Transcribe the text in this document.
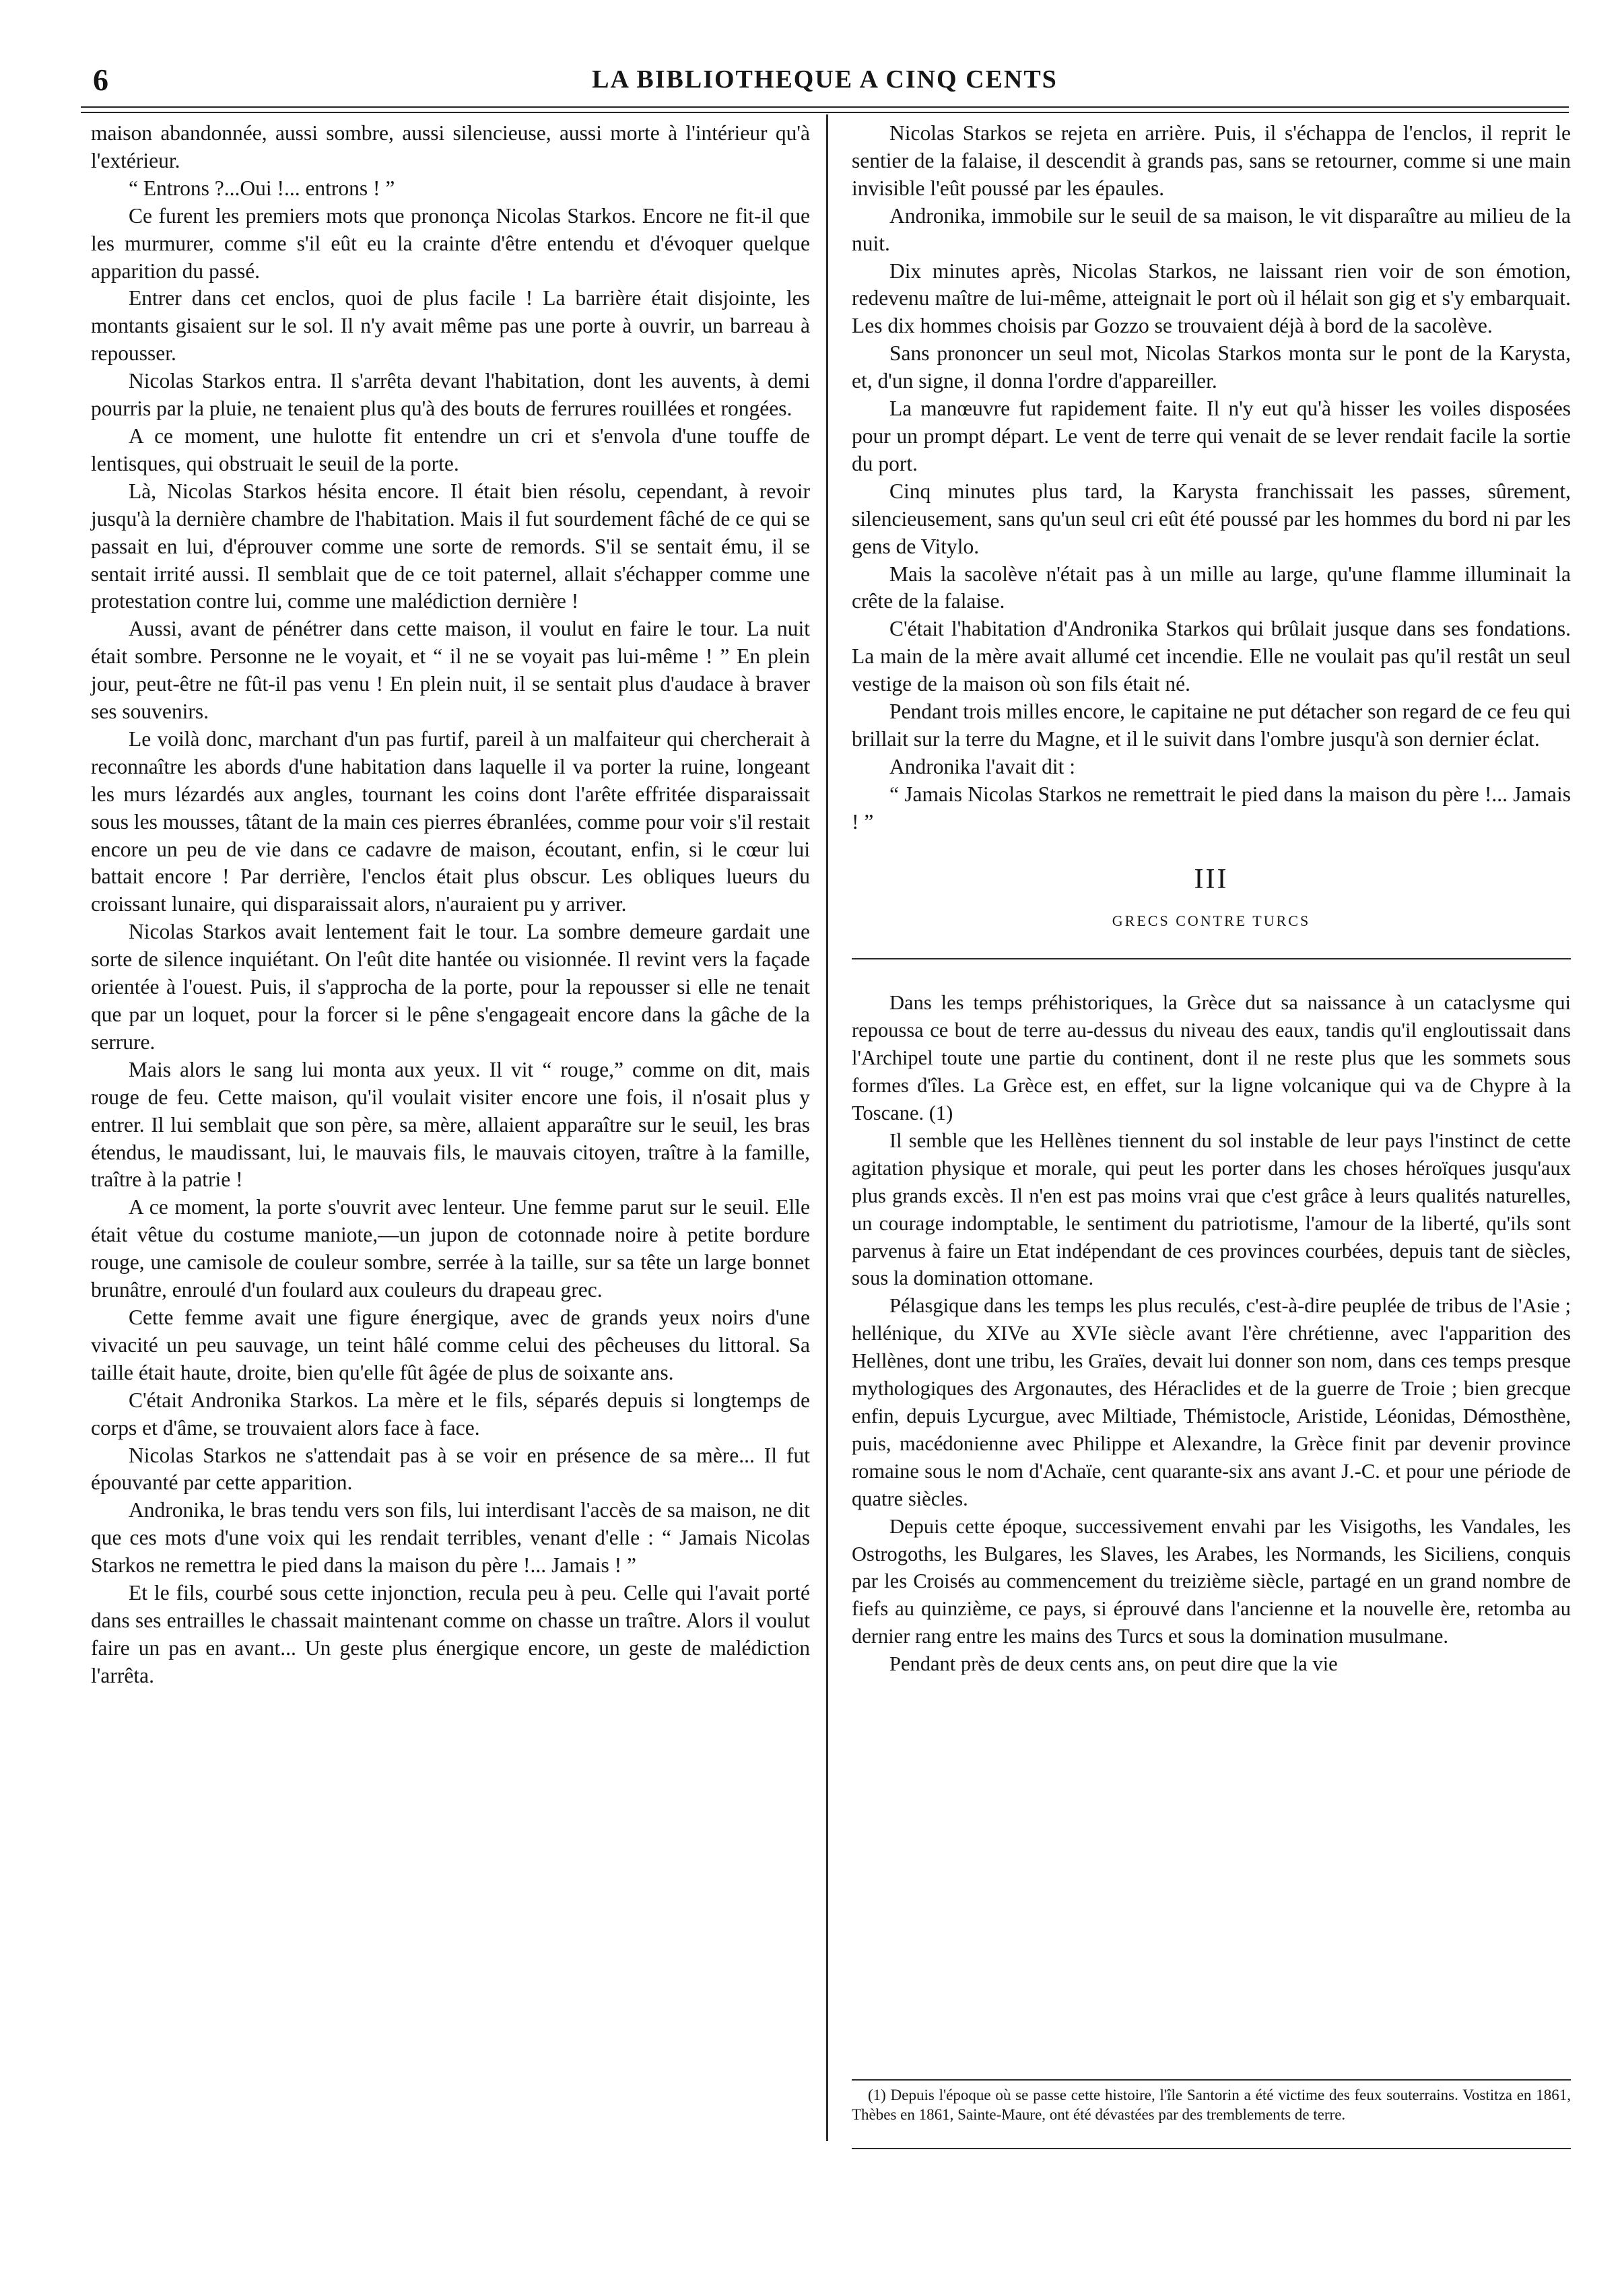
6	LA BIBLIOTHEQUE A CINQ CENTS

maison abandonnée, aussi sombre, aussi silencieuse, aussi morte à l'intérieur qu'à l'extérieur.

“ Entrons ?...Oui !... entrons ! ”

Ce furent les premiers mots que prononça Nicolas Starkos. Encore ne fit-il que les murmurer, comme s'il eût eu la crainte d'être entendu et d'évoquer quelque apparition du passé.

Entrer dans cet enclos, quoi de plus facile ! La barrière était disjointe, les montants gisaient sur le sol. Il n'y avait même pas une porte à ouvrir, un barreau à repousser.

Nicolas Starkos entra. Il s'arrêta devant l'habitation, dont les auvents, à demi pourris par la pluie, ne tenaient plus qu'à des bouts de ferrures rouillées et rongées.

A ce moment, une hulotte fit entendre un cri et s'envola d'une touffe de lentisques, qui obstruait le seuil de la porte.

Là, Nicolas Starkos hésita encore. Il était bien résolu, cependant, à revoir jusqu'à la dernière chambre de l'habitation. Mais il fut sourdement fâché de ce qui se passait en lui, d'éprouver comme une sorte de remords. S'il se sentait ému, il se sentait irrité aussi. Il semblait que de ce toit paternel, allait s'échapper comme une protestation contre lui, comme une malédiction dernière !

Aussi, avant de pénétrer dans cette maison, il voulut en faire le tour. La nuit était sombre. Personne ne le voyait, et “ il ne se voyait pas lui-même ! ” En plein jour, peut-être ne fût-il pas venu ! En plein nuit, il se sentait plus d'audace à braver ses souvenirs.

Le voilà donc, marchant d'un pas furtif, pareil à un malfaiteur qui chercherait à reconnaître les abords d'une habitation dans laquelle il va porter la ruine, longeant les murs lézardés aux angles, tournant les coins dont l'arête effritée disparaissait sous les mousses, tâtant de la main ces pierres ébranlées, comme pour voir s'il restait encore un peu de vie dans ce cadavre de maison, écoutant, enfin, si le cœur lui battait encore ! Par derrière, l'enclos était plus obscur. Les obliques lueurs du croissant lunaire, qui disparaissait alors, n'auraient pu y arriver.

Nicolas Starkos avait lentement fait le tour. La sombre demeure gardait une sorte de silence inquiétant. On l'eût dite hantée ou visionnée. Il revint vers la façade orientée à l'ouest. Puis, il s'approcha de la porte, pour la repousser si elle ne tenait que par un loquet, pour la forcer si le pêne s'engageait encore dans la gâche de la serrure.

Mais alors le sang lui monta aux yeux. Il vit “ rouge,” comme on dit, mais rouge de feu. Cette maison, qu'il voulait visiter encore une fois, il n'osait plus y entrer. Il lui semblait que son père, sa mère, allaient apparaître sur le seuil, les bras étendus, le maudissant, lui, le mauvais fils, le mauvais citoyen, traître à la famille, traître à la patrie !

A ce moment, la porte s'ouvrit avec lenteur. Une femme parut sur le seuil. Elle était vêtue du costume maniote,—un jupon de cotonnade noire à petite bordure rouge, une camisole de couleur sombre, serrée à la taille, sur sa tête un large bonnet brunâtre, enroulé d'un foulard aux couleurs du drapeau grec.

Cette femme avait une figure énergique, avec de grands yeux noirs d'une vivacité un peu sauvage, un teint hâlé comme celui des pêcheuses du littoral. Sa taille était haute, droite, bien qu'elle fût âgée de plus de soixante ans.

C'était Andronika Starkos. La mère et le fils, séparés depuis si longtemps de corps et d'âme, se trouvaient alors face à face.

Nicolas Starkos ne s'attendait pas à se voir en présence de sa mère... Il fut épouvanté par cette apparition.

Andronika, le bras tendu vers son fils, lui interdisant l'accès de sa maison, ne dit que ces mots d'une voix qui les rendait terribles, venant d'elle : “ Jamais Nicolas Starkos ne remettra le pied dans la maison du père !... Jamais ! ”

Et le fils, courbé sous cette injonction, recula peu à peu. Celle qui l'avait porté dans ses entrailles le chassait maintenant comme on chasse un traître. Alors il voulut faire un pas en avant... Un geste plus énergique encore, un geste de malédiction l'arrêta.

Nicolas Starkos se rejeta en arrière. Puis, il s'échappa de l'enclos, il reprit le sentier de la falaise, il descendit à grands pas, sans se retourner, comme si une main invisible l'eût poussé par les épaules.

Andronika, immobile sur le seuil de sa maison, le vit disparaître au milieu de la nuit.

Dix minutes après, Nicolas Starkos, ne laissant rien voir de son émotion, redevenu maître de lui-même, atteignait le port où il hélait son gig et s'y embarquait. Les dix hommes choisis par Gozzo se trouvaient déjà à bord de la sacolève.

Sans prononcer un seul mot, Nicolas Starkos monta sur le pont de la Karysta, et, d'un signe, il donna l'ordre d'appareiller.

La manœuvre fut rapidement faite. Il n'y eut qu'à hisser les voiles disposées pour un prompt départ. Le vent de terre qui venait de se lever rendait facile la sortie du port.

Cinq minutes plus tard, la Karysta franchissait les passes, sûrement, silencieusement, sans qu'un seul cri eût été poussé par les hommes du bord ni par les gens de Vitylo.

Mais la sacolève n'était pas à un mille au large, qu'une flamme illuminait la crête de la falaise.

C'était l'habitation d'Andronika Starkos qui brûlait jusque dans ses fondations. La main de la mère avait allumé cet incendie. Elle ne voulait pas qu'il restât un seul vestige de la maison où son fils était né.

Pendant trois milles encore, le capitaine ne put détacher son regard de ce feu qui brillait sur la terre du Magne, et il le suivit dans l'ombre jusqu'à son dernier éclat.

Andronika l'avait dit :

“ Jamais Nicolas Starkos ne remettrait le pied dans la maison du père !... Jamais ! ”

III
GRECS CONTRE TURCS

Dans les temps préhistoriques, la Grèce dut sa naissance à un cataclysme qui repoussa ce bout de terre au-dessus du niveau des eaux, tandis qu'il engloutissait dans l'Archipel toute une partie du continent, dont il ne reste plus que les sommets sous formes d'îles. La Grèce est, en effet, sur la ligne volcanique qui va de Chypre à la Toscane. (1)

Il semble que les Hellènes tiennent du sol instable de leur pays l'instinct de cette agitation physique et morale, qui peut les porter dans les choses héroïques jusqu'aux plus grands excès. Il n'en est pas moins vrai que c'est grâce à leurs qualités naturelles, un courage indomptable, le sentiment du patriotisme, l'amour de la liberté, qu'ils sont parvenus à faire un Etat indépendant de ces provinces courbées, depuis tant de siècles, sous la domination ottomane.

Pélasgique dans les temps les plus reculés, c'est-à-dire peuplée de tribus de l'Asie ; hellénique, du XIVe au XVIe siècle avant l'ère chrétienne, avec l'apparition des Hellènes, dont une tribu, les Graïes, devait lui donner son nom, dans ces temps presque mythologiques des Argonautes, des Héraclides et de la guerre de Troie ; bien grecque enfin, depuis Lycurgue, avec Miltiade, Thémistocle, Aristide, Léonidas, Démosthène, puis, macédonienne avec Philippe et Alexandre, la Grèce finit par devenir province romaine sous le nom d'Achaïe, cent quarante-six ans avant J.-C. et pour une période de quatre siècles.

Depuis cette époque, successivement envahi par les Visigoths, les Vandales, les Ostrogoths, les Bulgares, les Slaves, les Arabes, les Normands, les Siciliens, conquis par les Croisés au commencement du treizième siècle, partagé en un grand nombre de fiefs au quinzième, ce pays, si éprouvé dans l'ancienne et la nouvelle ère, retomba au dernier rang entre les mains des Turcs et sous la domination musulmane.

Pendant près de deux cents ans, on peut dire que la vie

(1) Depuis l'époque où se passe cette histoire, l'île Santorin a été victime des feux souterrains. Vostitza en 1861, Thèbes en 1861, Sainte-Maure, ont été dévastées par des tremblements de terre.
